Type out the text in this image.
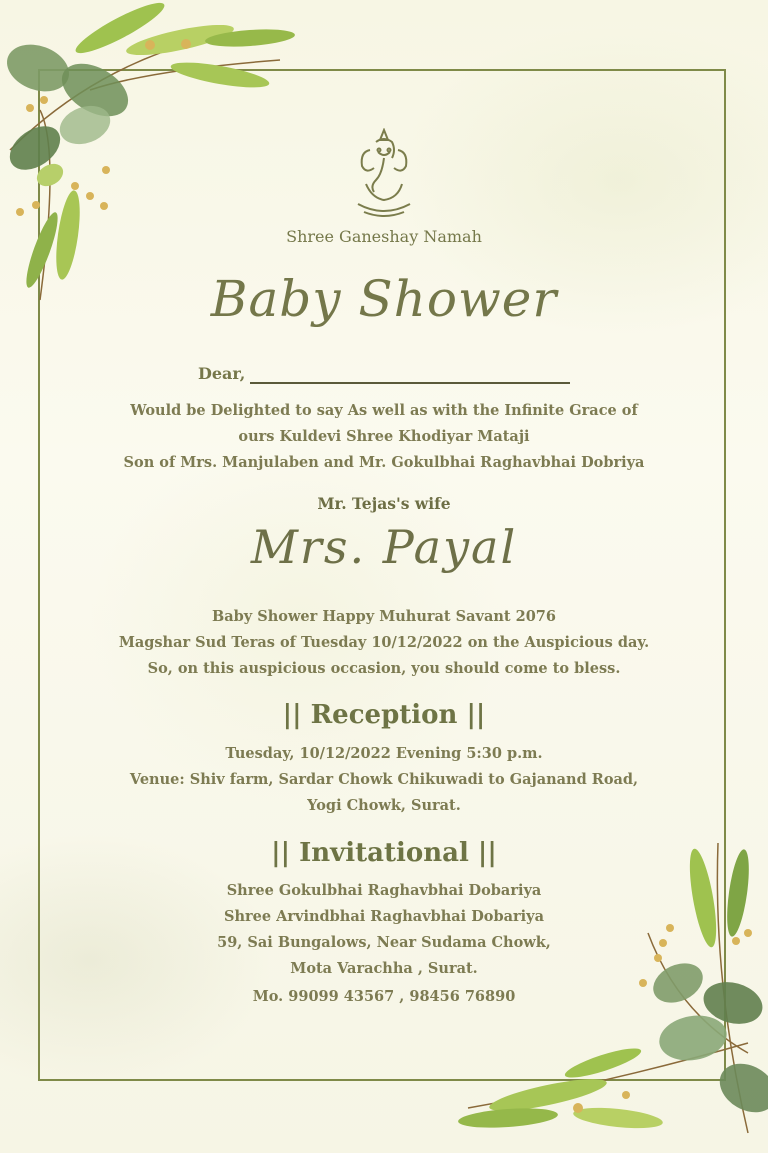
Shree Ganeshay Namah
Baby Shower
Dear,
Would be Delighted to say As well as with the Infinite Grace of
ours Kuldevi Shree Khodiyar Mataji
Son of Mrs. Manjulaben and Mr. Gokulbhai Raghavbhai Dobriya
Mr. Tejas's wife
Mrs. Payal
Baby Shower Happy Muhurat Savant 2076
Magshar Sud Teras of Tuesday 10/12/2022 on the Auspicious day.
So, on this auspicious occasion, you should come to bless.
|| Reception ||
Tuesday, 10/12/2022 Evening 5:30 p.m.
Venue: Shiv farm, Sardar Chowk Chikuwadi to Gajanand Road,
Yogi Chowk, Surat.
|| Invitational ||
Shree Gokulbhai Raghavbhai Dobariya
Shree Arvindbhai Raghavbhai Dobariya
59, Sai Bungalows, Near Sudama Chowk,
Mota Varachha , Surat.
Mo. 99099 43567 , 98456 76890
